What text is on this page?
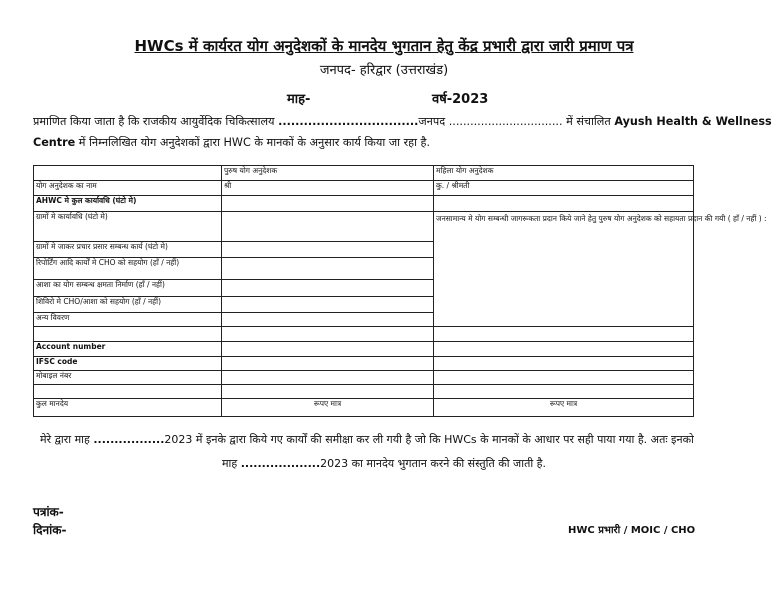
HWCs में कार्यरत योग अनुदेशकों के मानदेय भुगतान हेतु केंद्र प्रभारी द्वारा जारी प्रमाण पत्र
जनपद- हरिद्वार (उत्तराखंड)
माह-	वर्ष-2023
प्रमाणित किया जाता है कि राजकीय आयुर्वेदिक चिकित्सालय .................................जनपद ................................ में संचालित Ayush Health & Wellness
Centre में निम्नलिखित योग अनुदेशकों द्वारा HWC के मानकों के अनुसार कार्य किया जा रहा है.
	पुरुष योग अनुदेशक	महिला योग अनुदेशक
योग अनुदेशक का नाम	श्री	कु. / श्रीमती
AHWC मे कुल कार्यावधि (घंटो मे)		
ग्रामों मे कार्यावधि (घंटो मे)		जनसामान्य मे योग सम्बन्धी जागरूकता प्रदान किये जाने हेतु पुरुष योग अनुदेशक को सहायता प्रदान की गयी ( हाँ / नहीं ) :
ग्रामों मे जाकर प्रचार प्रसार सम्बन्ध कार्य (घंटो मे)		
रिपोर्टिंग आदि कार्यों मे CHO को सहयोग (हाँ / नहीं)		
आशा का योग सम्बन्ध क्षमता निर्माण (हाँ / नहीं)		
शिविरो मे CHO/आशा को सहयोग (हाँ / नहीं)		
अन्य विवरण		

Account number		
IFSC code		
मोबाइल नंबर		

कुल मानदेय	रूपए मात्र	रूपए मात्र
मेरे द्वारा माह .................2023 में इनके द्वारा किये गए कार्यों की समीक्षा कर ली गयी है जो कि HWCs के मानकों के आधार पर सही पाया गया है. अतः इनको
माह ...................2023 का मानदेय भुगतान करने की संस्तुति की जाती है.
पत्रांक-
दिनांक-	HWC प्रभारी / MOIC / CHO
